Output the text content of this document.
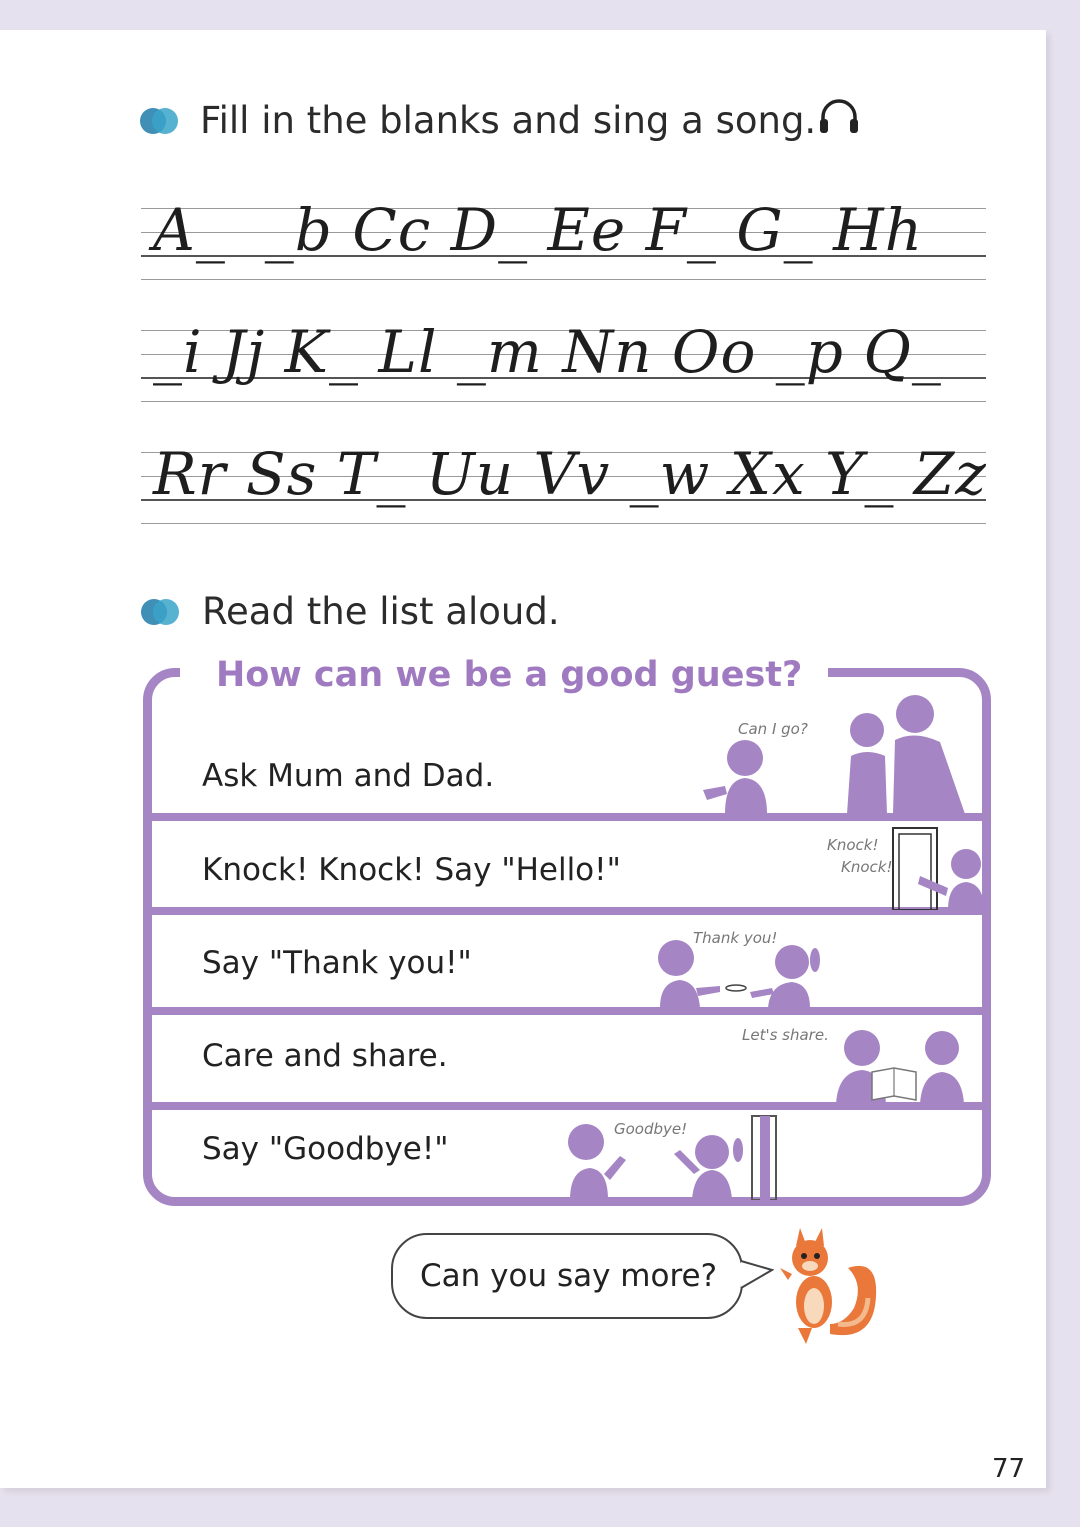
Fill in the blanks and sing a song.
A_  _b Cc D_ Ee F_ G_ Hh
_i Jj K_ Ll _m Nn Oo _p Q_
Rr Ss T_ Uu Vv _w Xx Y_ Zz
Read the list aloud.
How can we be a good guest?
Ask Mum and Dad.
Knock! Knock! Say "Hello!"
Say "Thank you!"
Care and share.
Say "Goodbye!"
Can I go?
Knock!
Knock!
Thank you!
Let's share.
Goodbye!
Can you say more?
77
